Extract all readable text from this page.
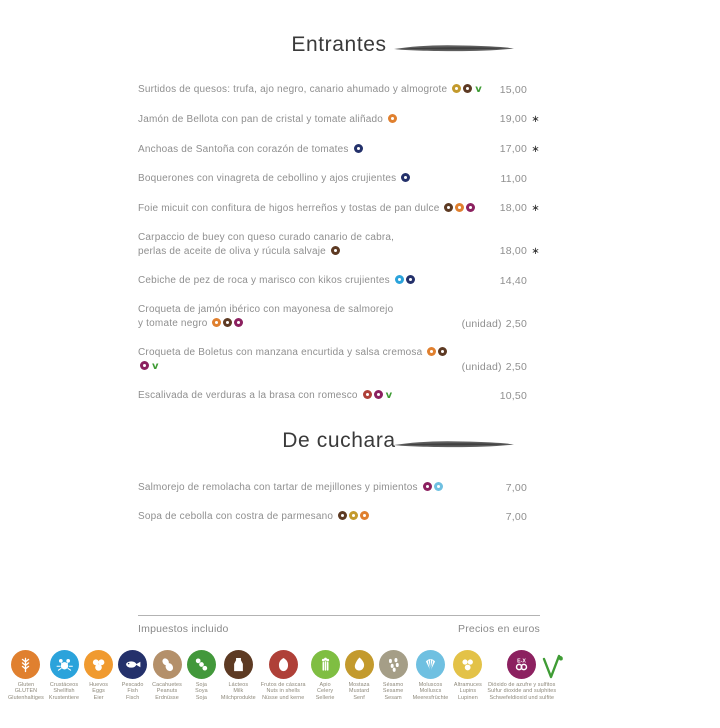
Entrantes
Surtidos de quesos: trufa, ajo negro, canario ahumado y almogrote	v	15,00
Jamón de Bellota con pan de cristal y tomate aliñado	19,00 ∗
Anchoas de Santoña con corazón de tomates	17,00 ∗
Boquerones con vinagreta de cebollino y ajos crujientes	11,00
Foie micuit con confitura de higos herreños y tostas de pan dulce	18,00 ∗
Carpaccio de buey con queso curado canario de cabra,
perlas de aceite de oliva y rúcula salvaje	18,00 ∗
Cebiche de pez de roca y marisco con kikos crujientes	14,40
Croqueta de jamón ibérico con mayonesa de salmorejo
y tomate negro	(unidad) 2,50
Croqueta de Boletus con manzana encurtida y salsa cremosa v	(unidad) 2,50
Escalivada de verduras a la brasa con romesco	v	10,50
De cuchara
Salmorejo de remolacha con tartar de mejillones y pimientos	7,00
Sopa de cebolla con costra de parmesano	7,00
Impuestos incluido	Precios en euros
Gluten
GLUTEN
Glutenhaltiges
Crustáceos
Shellfish
Krustentiere
Huevos
Eggs
Eier
Pescado
Fish
Fisch
Cacahuetes
Peanuts
Erdnüsse
Soja
Soya
Soja
Lácteos
Milk
Milchprodukte
Frutos de cáscara
Nuts in shells
Nüsse und kerne
Apio
Celery
Sellerie
Mostaza
Mustard
Senf
Sésamo
Sesame
Sesam
Moluscos
Molluscs
Meeresfrüchte
Altramuces
Lupins
Lupinen
E-X
Dióxido de azufre y sulfitos
Sulfur dioxide and sulphites
Schwefeldioxid und sulfite
